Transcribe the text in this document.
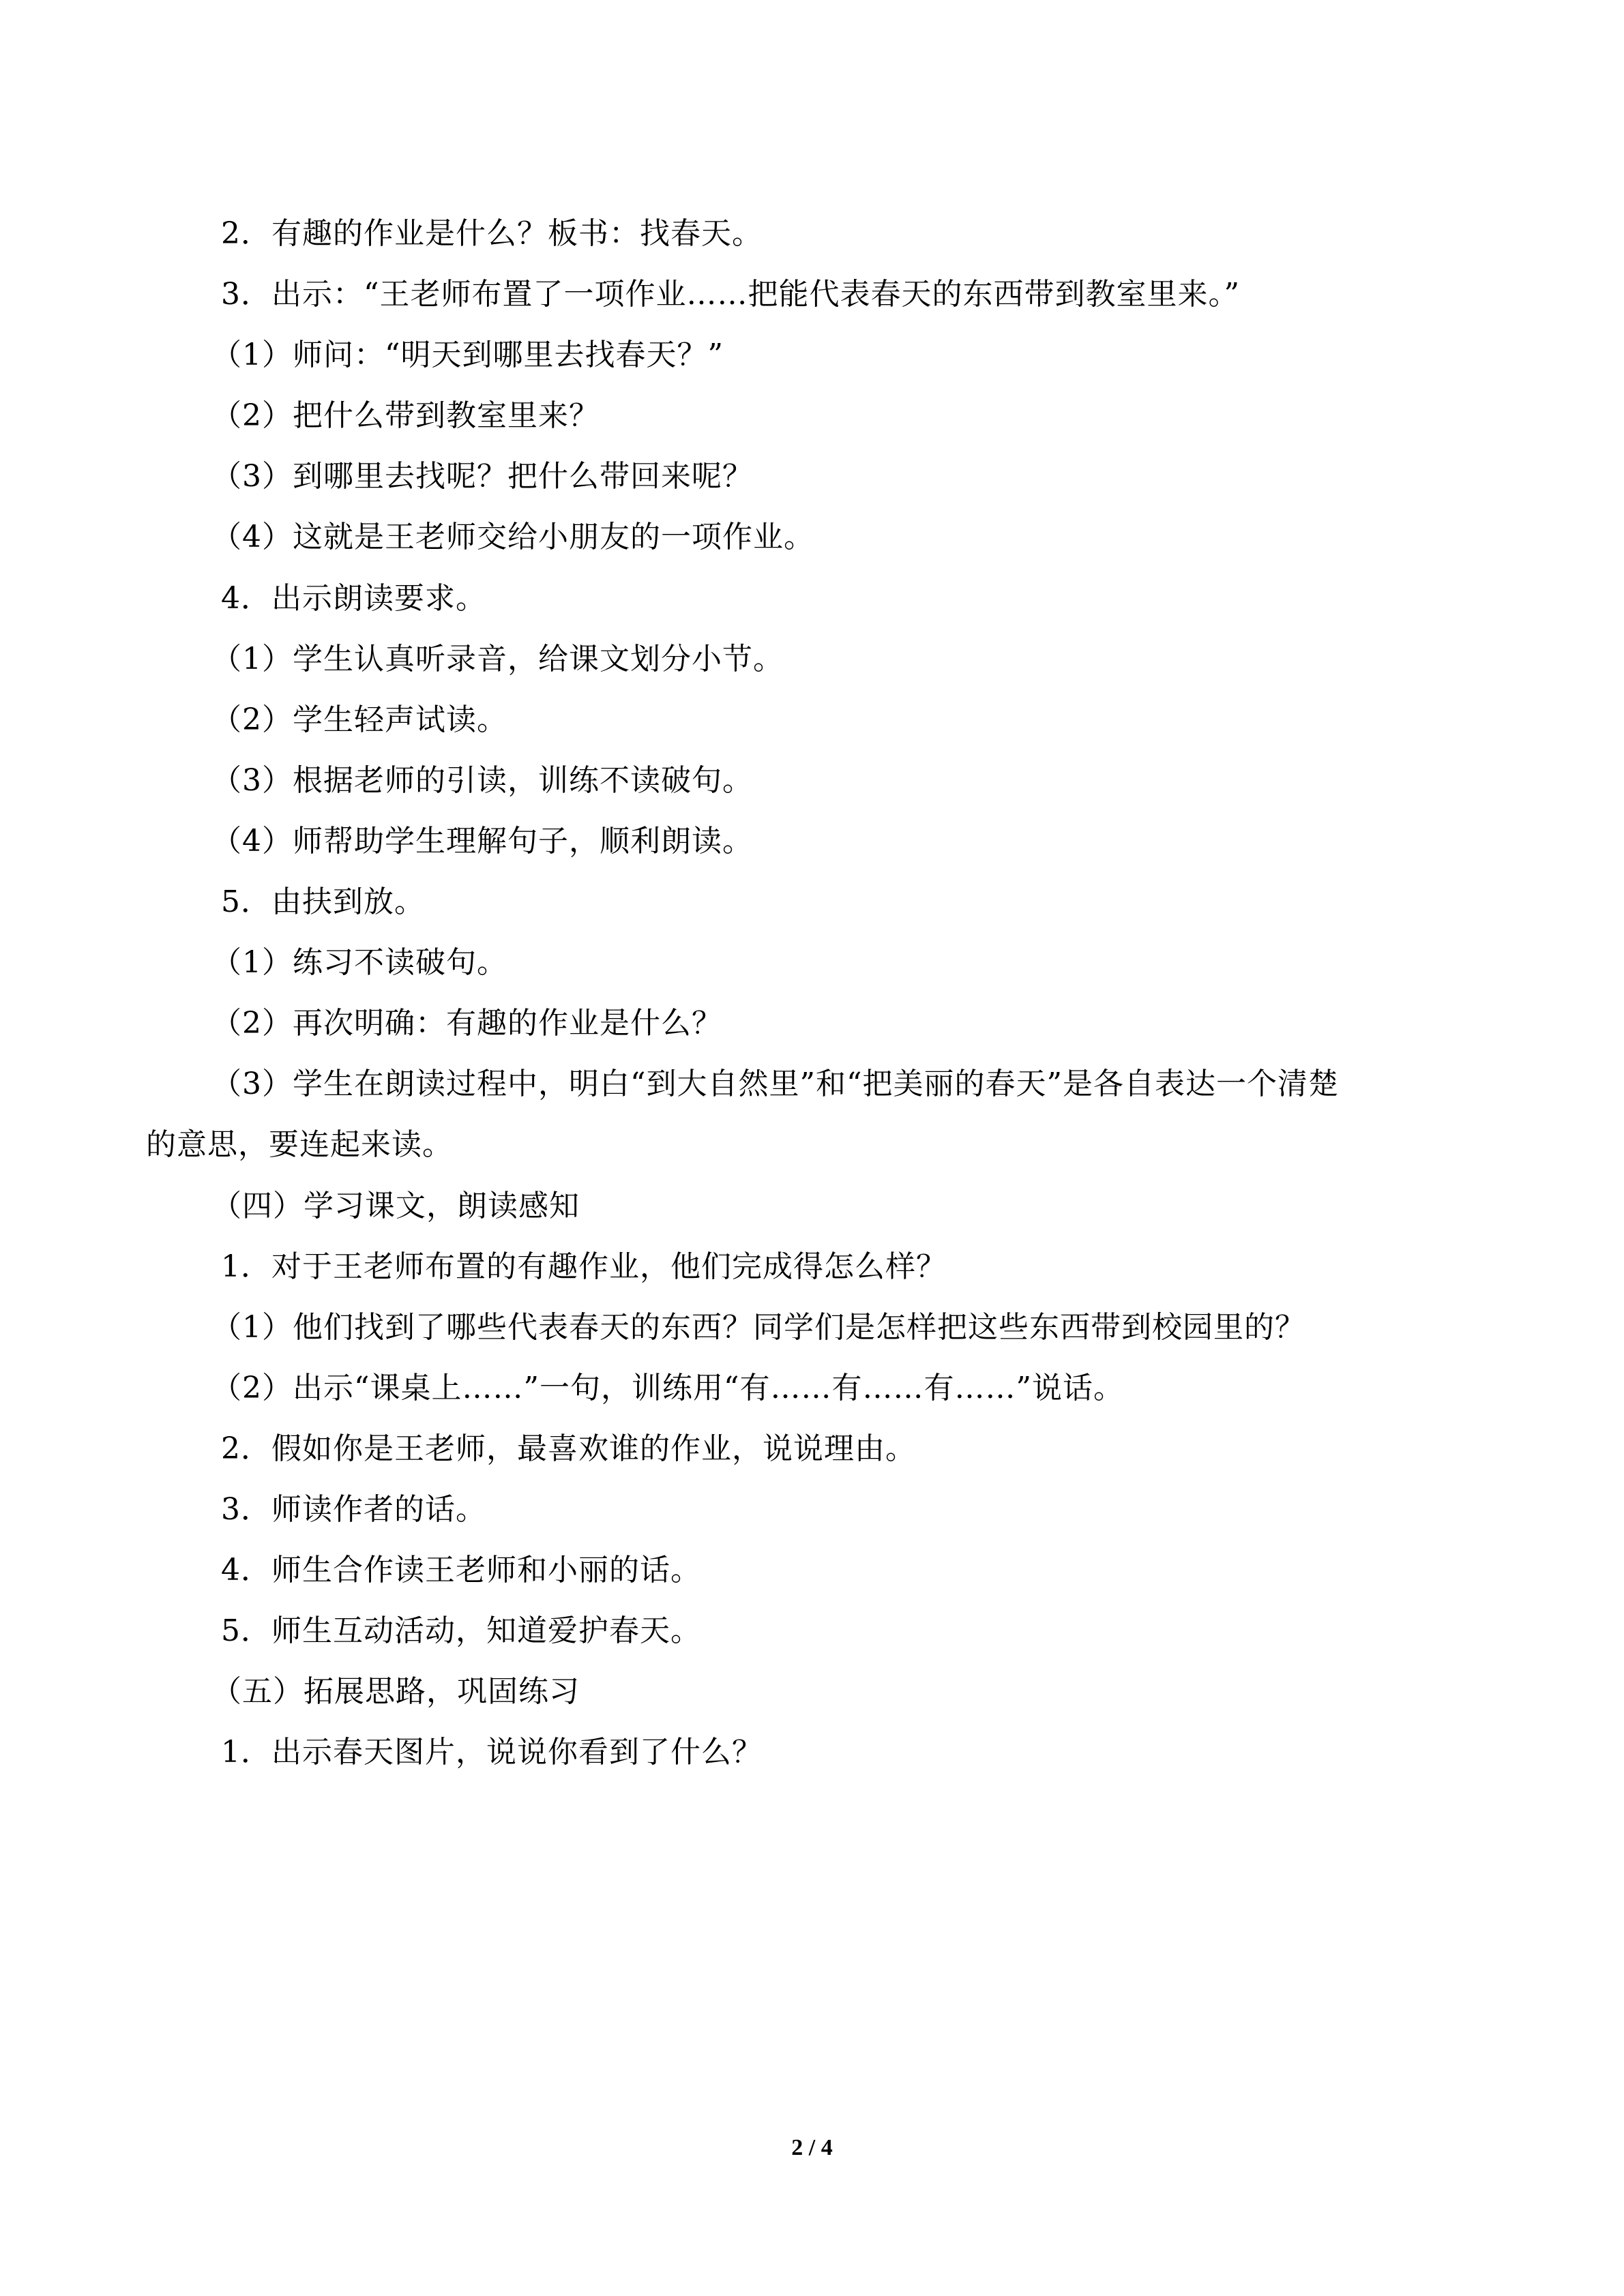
2．有趣的作业是什么？板书：找春天。
3．出示：“王老师布置了一项作业……把能代表春天的东西带到教室里来。”
（1）师问：“明天到哪里去找春天？”
（2）把什么带到教室里来？
（3）到哪里去找呢？把什么带回来呢？
（4）这就是王老师交给小朋友的一项作业。
4．出示朗读要求。
（1）学生认真听录音，给课文划分小节。
（2）学生轻声试读。
（3）根据老师的引读，训练不读破句。
（4）师帮助学生理解句子，顺利朗读。
5．由扶到放。
（1）练习不读破句。
（2）再次明确：有趣的作业是什么？
（3）学生在朗读过程中，明白“到大自然里”和“把美丽的春天”是各自表达一个清楚
的意思，要连起来读。
（四）学习课文，朗读感知
1．对于王老师布置的有趣作业，他们完成得怎么样？
（1）他们找到了哪些代表春天的东西？同学们是怎样把这些东西带到校园里的？
（2）出示“课桌上……”一句，训练用“有……有……有……”说话。
2．假如你是王老师，最喜欢谁的作业，说说理由。
3．师读作者的话。
4．师生合作读王老师和小丽的话。
5．师生互动活动，知道爱护春天。
（五）拓展思路，巩固练习
1．出示春天图片，说说你看到了什么？
2 / 4
